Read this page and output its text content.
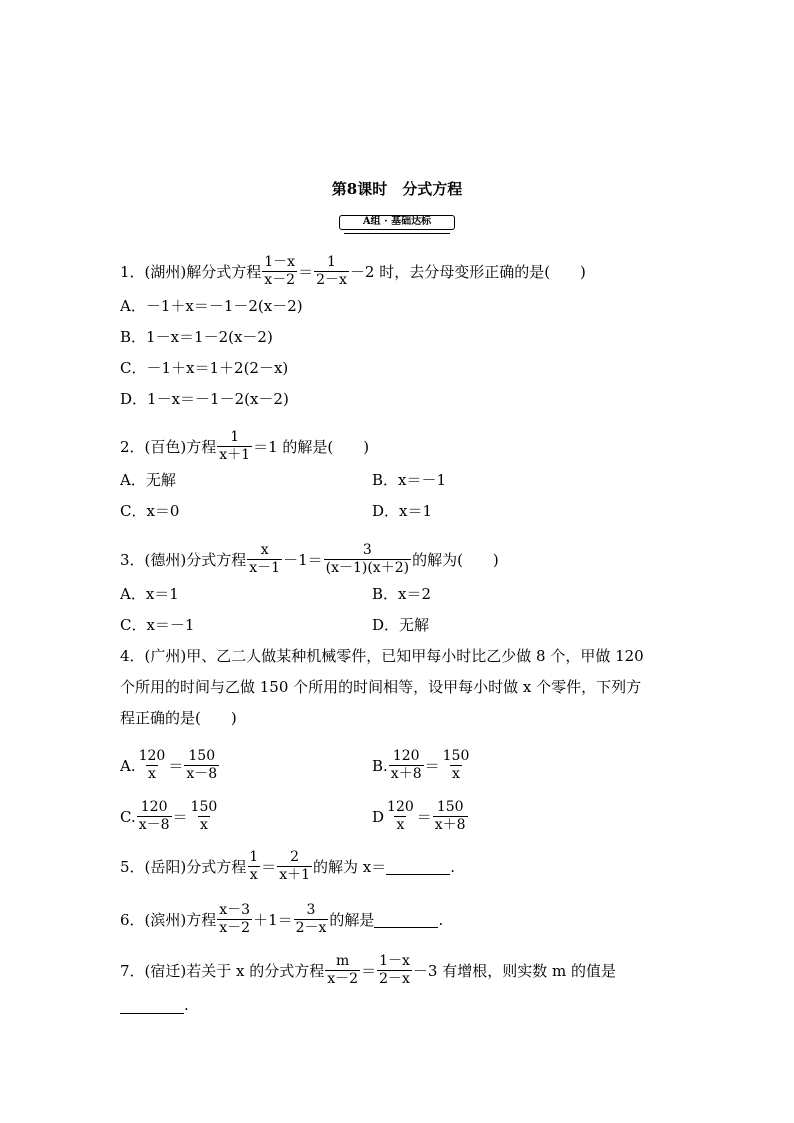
第8课时　分式方程
A组 · 基础达标
1．(湖州)解分式方程 $\frac{1-x}{x-2} = \frac{1}{2-x} -2$ 时，去分母变形正确的是(　　)
A．－1＋x＝－1－2(x－2)
B．1－x＝1－2(x－2)
C．－1＋x＝1＋2(2－x)
D．1－x＝－1－2(x－2)
2．(百色)方程 $\frac{1}{x+1} =1$ 的解是(　　)
A．无解	B．x＝－1
C．x＝0	D．x＝1
3．(德州)分式方程 $\frac{x}{x-1} -1= \frac{3}{(x-1)(x+2)}$ 的解为(　　)
A．x＝1	B．x＝2
C．x＝－1	D．无解
4．(广州)甲、乙二人做某种机械零件，已知甲每小时比乙少做 8 个，甲做 120
个所用的时间与乙做 150 个所用的时间相等，设甲每小时做 x 个零件，下列方
程正确的是(　　)
A. $\frac{120}{x} = \frac{150}{x-8}$	B. $\frac{120}{x+8} = \frac{150}{x}$
C. $\frac{120}{x-8} = \frac{150}{x}$	D $\frac{120}{x} = \frac{150}{x+8}$
5．(岳阳)分式方程 $\frac{1}{x} = \frac{2}{x+1}$ 的解为 x＝	.
6．(滨州)方程 $\frac{x-3}{x-2} +1= \frac{3}{2-x}$ 的解是	.
7．(宿迁)若关于 x 的分式方程 $\frac{m}{x-2} = \frac{1-x}{2-x} -3$ 有增根，则实数 m 的值是
.
